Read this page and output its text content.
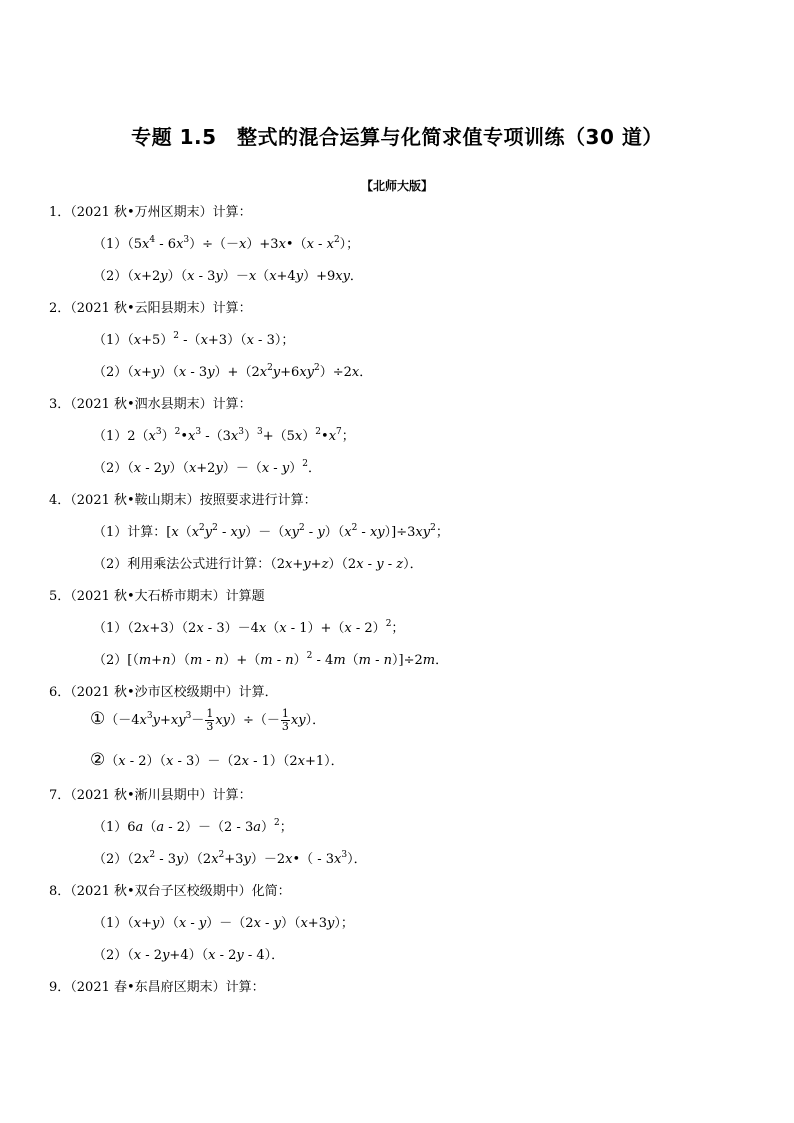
专题 1.5　整式的混合运算与化简求值专项训练（30 道）
【北师大版】
1．（2021 秋•万州区期末）计算：
$(1)(5x^4$ - $6x^3)\div(-x)+3x•(x - x^2)$；
（2）（x+2y）（x - 3y）－x（x+4y）+9xy．
2．（2021 秋•云阳县期末）计算：
$(1)(x+5)^2$ -（x+3）（x - 3）；
$(2)(x+y)(x - 3y)+(2x^2y+6xy^2)\div 2x$．
3．（2021 秋•泗水县期末）计算：
$(1)2(x^3)^2•x^3$ $-(3x^3)^3+(5x)^2•x^7$；
（2）（x - 2y）（x+2y）－（x - y）$^2$．
4．（2021 秋•鞍山期末）按照要求进行计算：
（1）计算：$[x(x^2y^2 - xy)-(xy^2 - y)(x^2 - xy)]\div 3xy^2$；
（2）利用乘法公式进行计算：（2x+y+z）（2x - y - z）．
5．（2021 秋•大石桥市期末）计算题
（1）（2x+3）（2x - 3）－4x（x - 1）+（x - 2）$^2$；
（2）[（m+n）（m - n）+（m - n）$^2$ - 4m（m - n）]÷2m．
6．（2021 秋•沙市区校级期中）计算．
$①(-4x^3y+xy^3- \frac{1}{3} xy)\div(- \frac{1}{3} xy)$．
②（x - 2）（x - 3）－（2x - 1）（2x+1）．
7．（2021 秋•淅川县期中）计算：
（1）6a（a - 2）－（2 - 3a）$^2$；
$(2)(2x^2$ - $3y)(2x^2+3y)-2x•( - 3x^3)$．
8．（2021 秋•双台子区校级期中）化简：
（1）（x+y）（x - y）－（2x - y）（x+3y）；
（2）（x - 2y+4）（x - 2y - 4）．
9．（2021 春•东昌府区期末）计算：
